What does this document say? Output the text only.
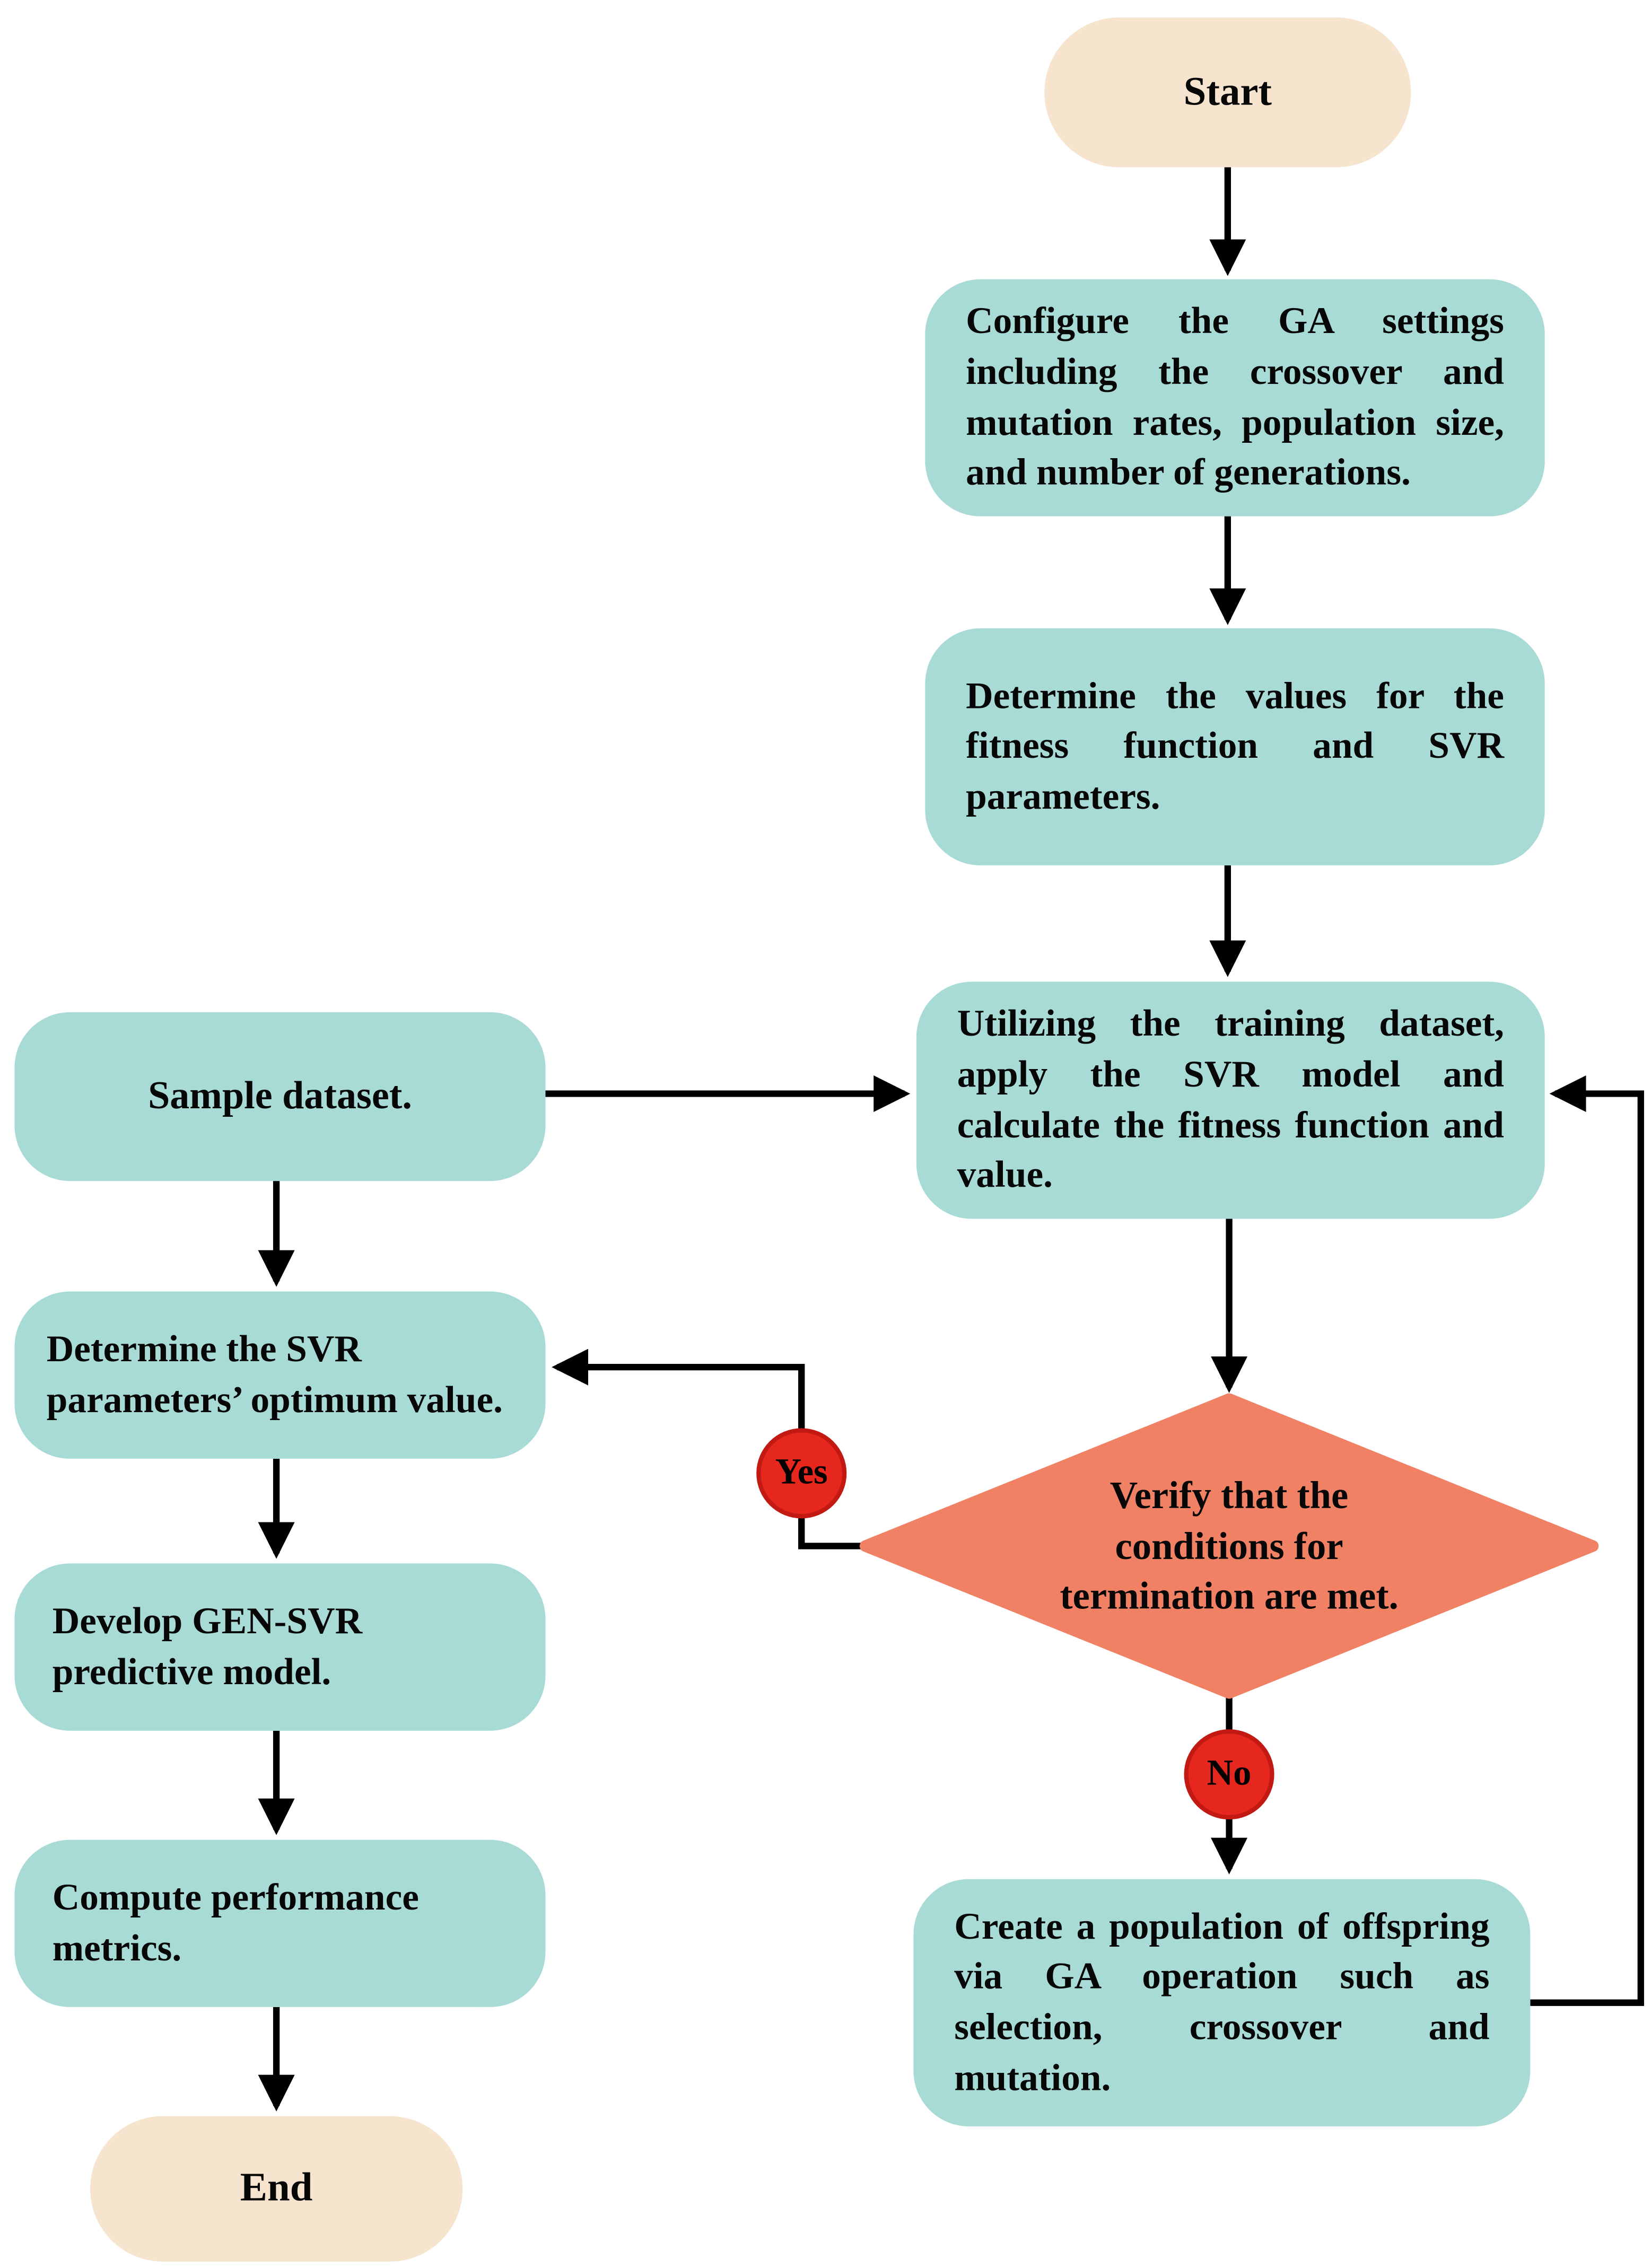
Start

Configure the GA settings including the crossover and mutation rates, population size, and number of generations.

Determine the values for the fitness function and SVR parameters.

Utilizing the training dataset, apply the SVR model and calculate the fitness function and value.

Sample dataset.

Determine the SVR parameters’ optimum value.

Develop GEN-SVR predictive model.

Compute performance metrics.

End
Verify that the conditions for termination are met.

Create a population of offspring via GA operation such as selection, crossover and mutation.

Yes
No
